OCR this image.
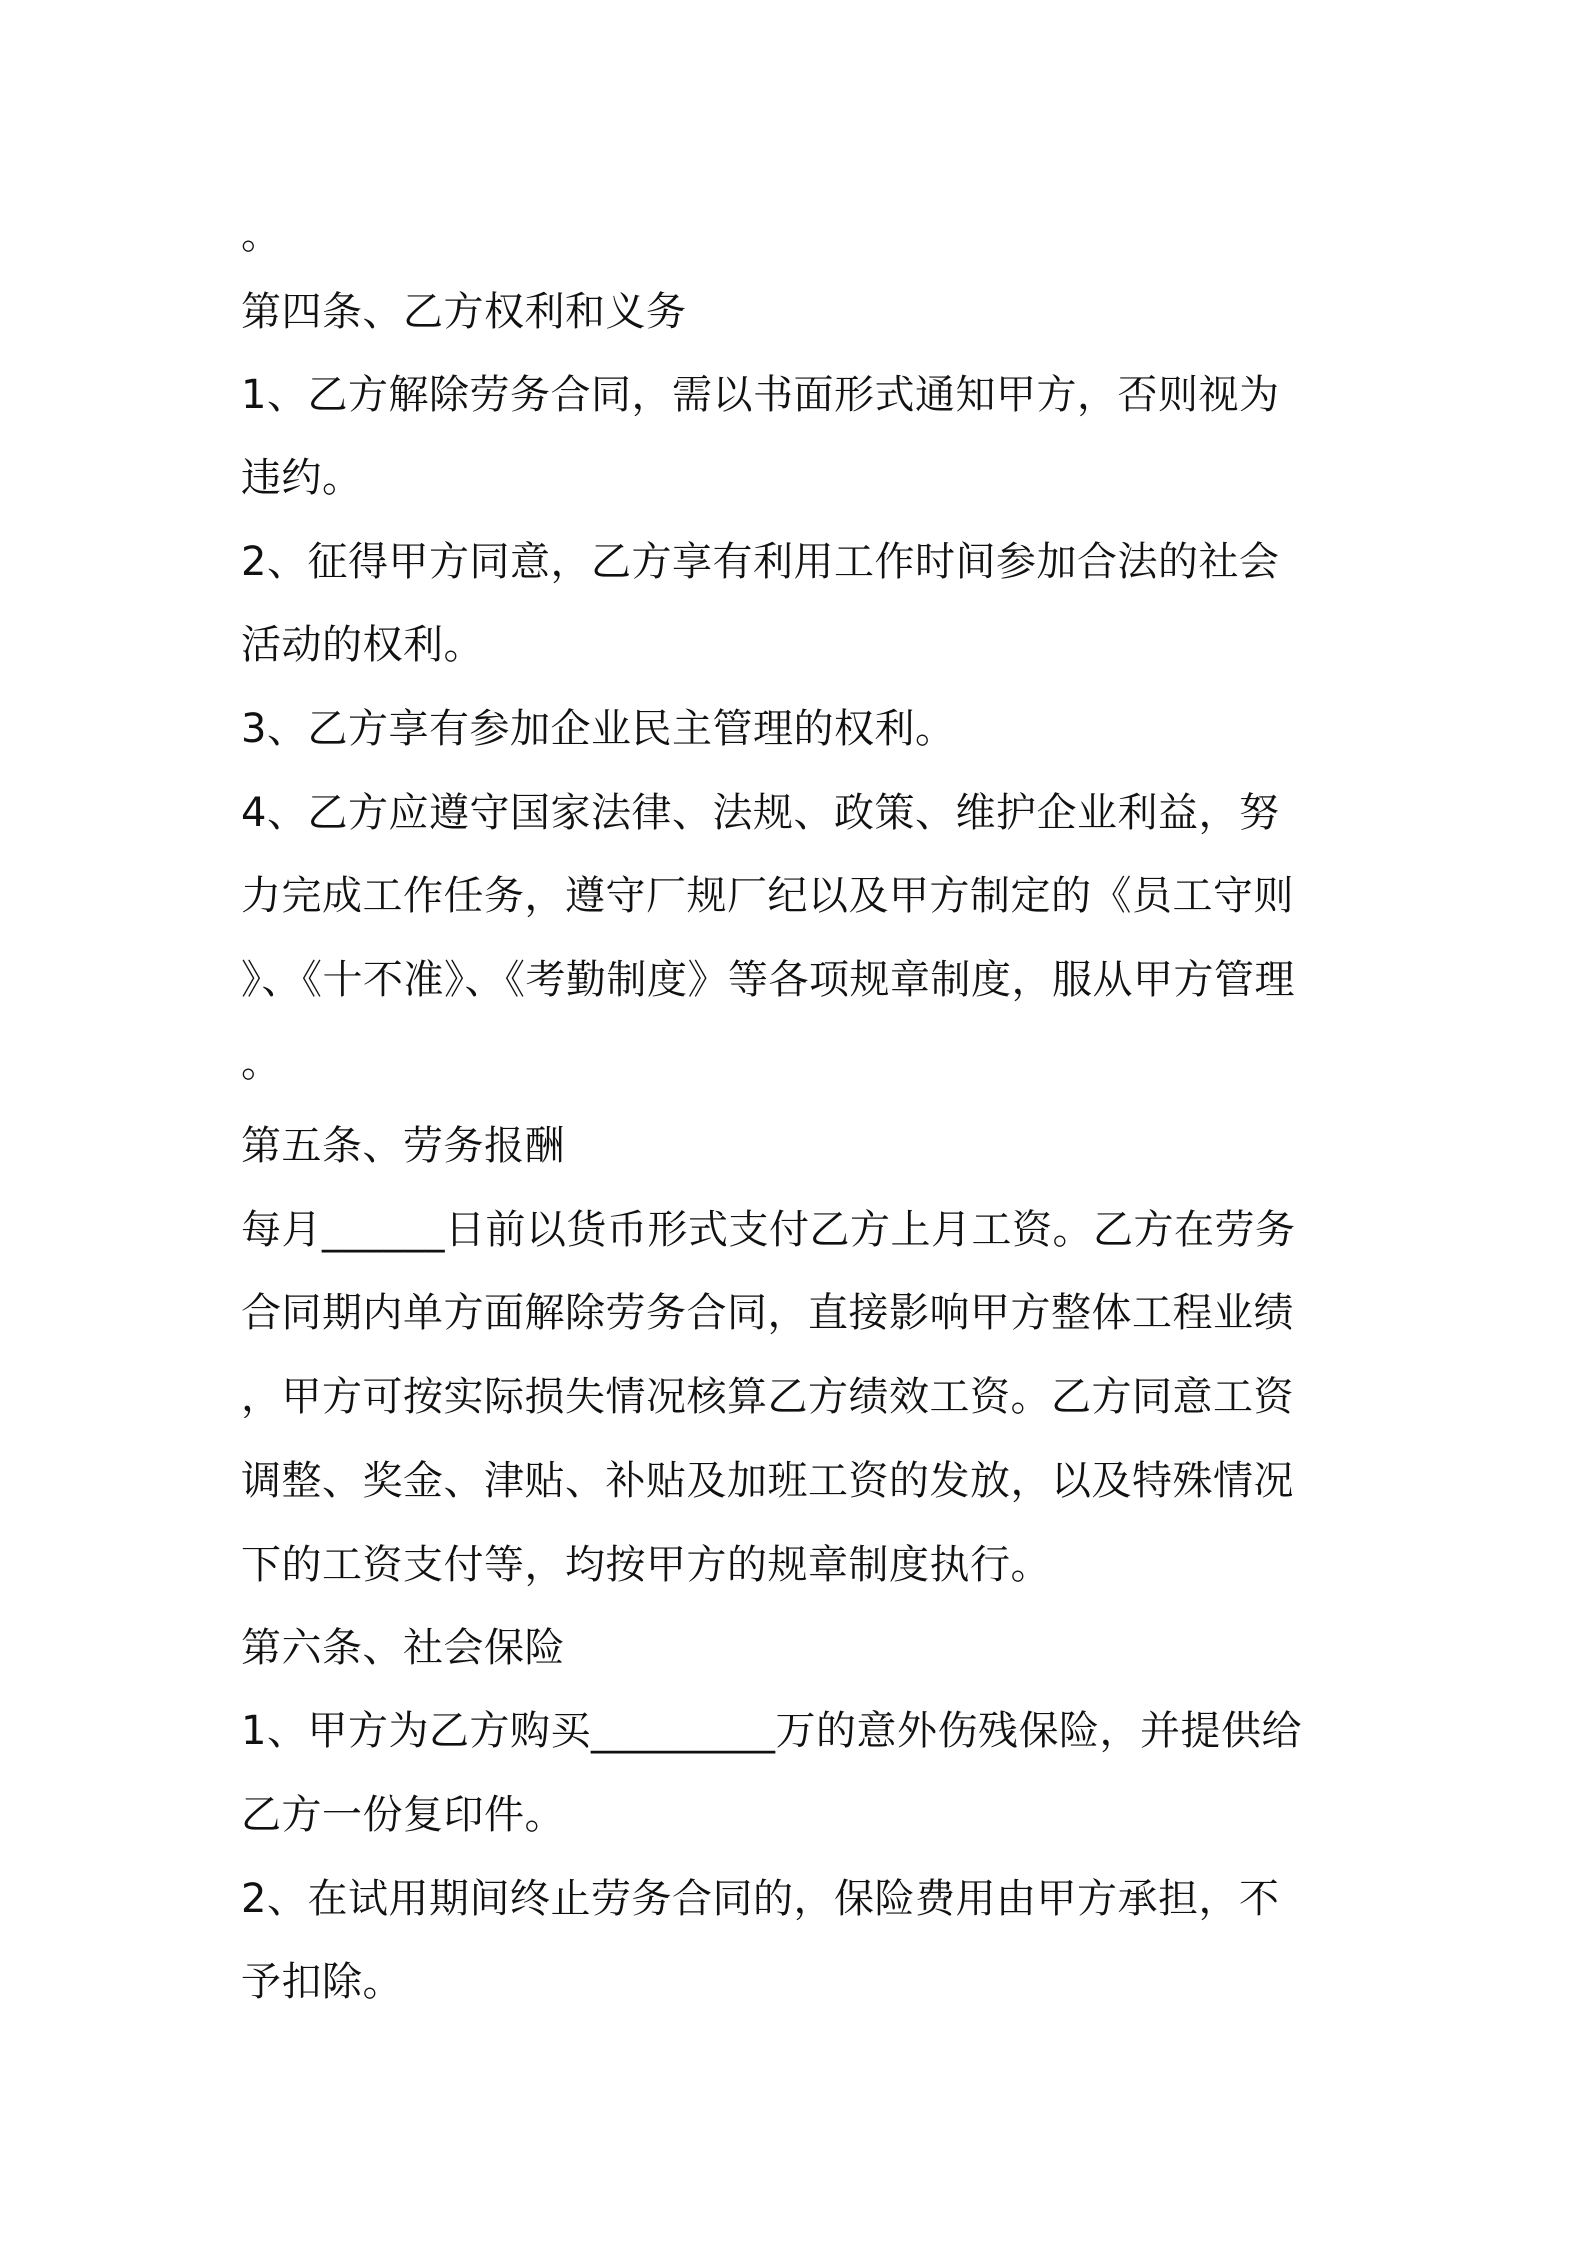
。

第四条、乙方权利和义务

1、乙方解除劳务合同，需以书面形式通知甲方，否则视为

违约。

2、征得甲方同意，乙方享有利用工作时间参加合法的社会

活动的权利。

3、乙方享有参加企业民主管理的权利。

4、乙方应遵守国家法律、法规、政策、维护企业利益，努

力完成工作任务，遵守厂规厂纪以及甲方制定的《员工守则

》、《十不准》、《考勤制度》等各项规章制度，服从甲方管理

。

第五条、劳务报酬

每月______日前以货币形式支付乙方上月工资。乙方在劳务

合同期内单方面解除劳务合同，直接影响甲方整体工程业绩

，甲方可按实际损失情况核算乙方绩效工资。乙方同意工资

调整、奖金、津贴、补贴及加班工资的发放，以及特殊情况

下的工资支付等，均按甲方的规章制度执行。

第六条、社会保险

1、甲方为乙方购买_________万的意外伤残保险，并提供给

乙方一份复印件。

2、在试用期间终止劳务合同的，保险费用由甲方承担，不

予扣除。
